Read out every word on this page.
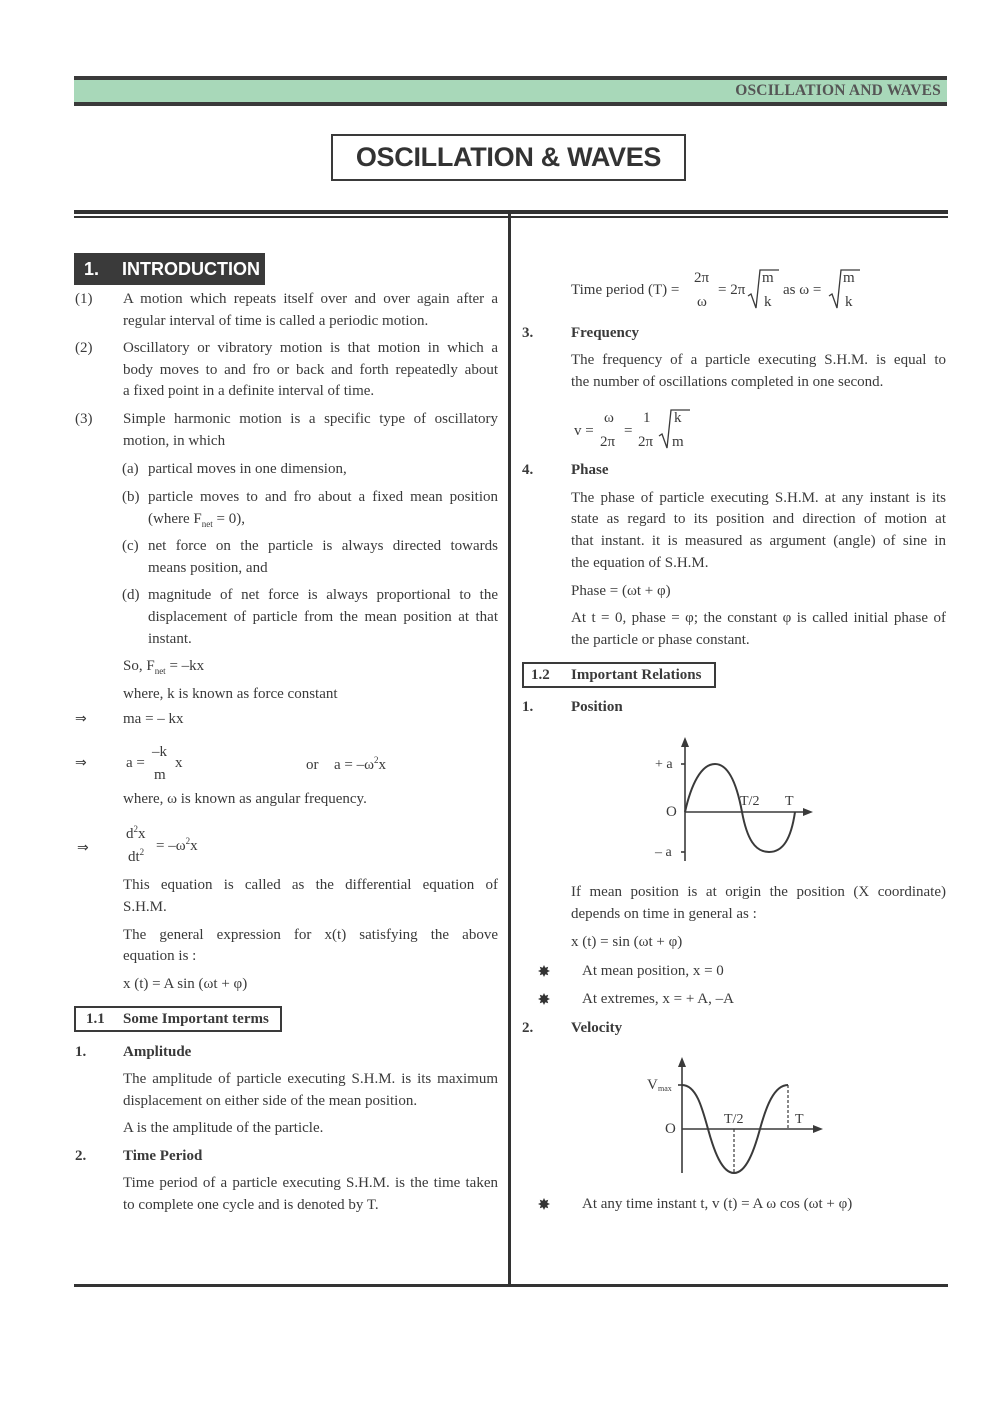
OSCILLATION AND WAVES
OSCILLATION & WAVES
1. INTRODUCTION
(1) A motion which repeats itself over and over again after a
regular interval of time is called a periodic motion.
(2) Oscillatory or vibratory motion is that motion in which a
body moves to and fro or back and forth repeatedly about
a fixed point in a definite interval of time.
(3) Simple harmonic motion is a specific type of oscillatory
motion, in which
(a) partical moves in one dimension,
(b) particle moves to and fro about a fixed mean position
(where $F_{net} = 0$),
(c) net force on the particle is always directed towards
means position, and
(d) magnitude of net force is always proportional to the
displacement of particle from the mean position at that
instant.
So, $F_{net} = -kx$
where, k is known as force constant
⇒ ma = – kx
⇒	a =
–k
m
x	or $a = -\omega^2x$
where, ω is known as angular frequency.
⇒
$d^2x$
$dt^2 = -\omega^2x$
This equation is called as the differential equation of
S.H.M.
The general expression for x(t) satisfying the above
equation is :
x (t) = A sin (ωt + φ)
1.1 Some Important terms
1. Amplitude
The amplitude of particle executing S.H.M. is its maximum
displacement on either side of the mean position.
A is the amplitude of the particle.
2. Time Period
Time period of a particle executing S.H.M. is the time taken
to complete one cycle and is denoted by T.
Time period (T) =
2π
ω
= 2π
m
k
as ω =
m
k
3.	Frequency
The frequency of a particle executing S.H.M. is equal to
the number of oscillations completed in one second.
v =
ω
2π
=
1
2π
k
m
4.	Phase
The phase of particle executing S.H.M. at any instant is its
state as regard to its position and direction of motion at
that instant. it is measured as argument (angle) of sine in
the equation of S.H.M.
Phase = (ωt + φ)
At t = 0, phase = φ; the constant φ is called initial phase of
the particle or phase constant.
1.2 Important Relations
1.	Position
+ a
O
– a
T/2 T
If mean position is at origin the position (X coordinate)
depends on time in general as :
x (t) = sin (ωt + φ)
At mean position, x = 0
At extremes, x = + A, –A
2.	Velocity
V max
O
T/2	T
At any time instant t, v (t) = A ω cos (ωt + φ)
